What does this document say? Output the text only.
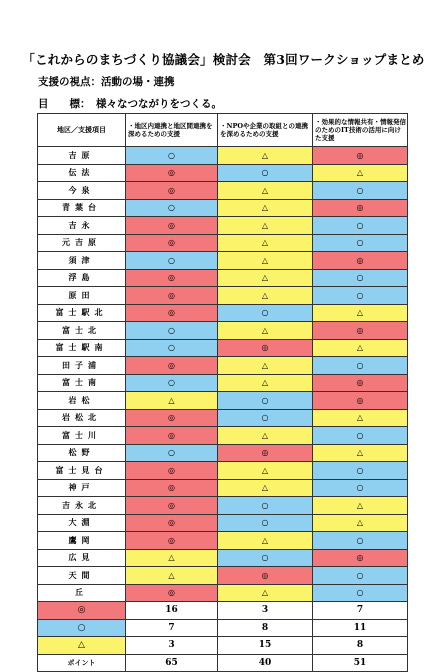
「これからのまちづくり協議会」検討会　第3回ワークショップまとめ
支援の視点：活動の場・連携
目　　標： 様々なつながりをつくる。
地区／支援項目	・地区内連携と地区間連携を深めるための支援	・NPOや企業の取組との連携を深めるための支援	・効果的な情報共有・情報発信のためのIT技術の活用に向けた支援
吉原	○	△	◎
伝法	◎	○	△
今泉	◎	△	○
青葉台	○	△	◎
吉永	◎	△	○
元吉原	◎	△	○
須津	○	△	◎
浮島	◎	△	○
原田	◎	△	○
富士駅北	◎	○	△
富士北	○	△	◎
富士駅南	○	◎	△
田子浦	◎	△	○
富士南	○	△	◎
岩松	△	○	◎
岩松北	◎	○	△
富士川	◎	△	○
松野	○	◎	△
富士見台	◎	△	○
神戸	◎	△	○
吉永北	◎	○	△
大淵	◎	○	△
鷹岡	◎	△	○
広見	△	○	◎
天間	△	◎	○
丘	◎	△	○
◎	16	3	7
○	7	8	11
△	3	15	8
ポイント	65	40	51
